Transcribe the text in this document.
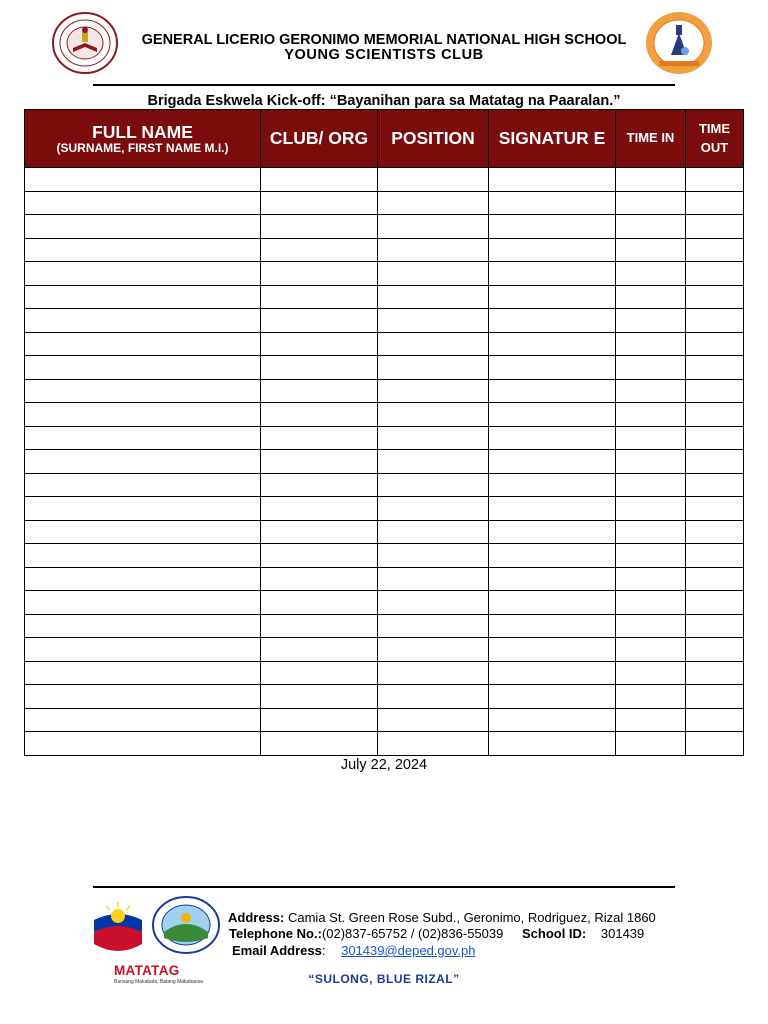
GENERAL LICERIO GERONIMO MEMORIAL NATIONAL HIGH SCHOOL
YOUNG SCIENTISTS CLUB
Brigada Eskwela Kick-off: “Bayanihan para sa Matatag na Paaralan.”
FULL NAME
(SURNAME, FIRST NAME M.I.)	CLUB/ ORG	POSITION	SIGNATUR E	TIME IN	TIME OUT

July 22, 2024
MATATAG
Bansang Makabata, Batang Makabansa
Address: Camia St. Green Rose Subd., Geronimo, Rodriguez, Rizal 1860
Telephone No.:(02)837-65752 / (02)836-55039 School ID: 301439
Email Address: 301439@deped.gov.ph
“SULONG, BLUE RIZAL”
